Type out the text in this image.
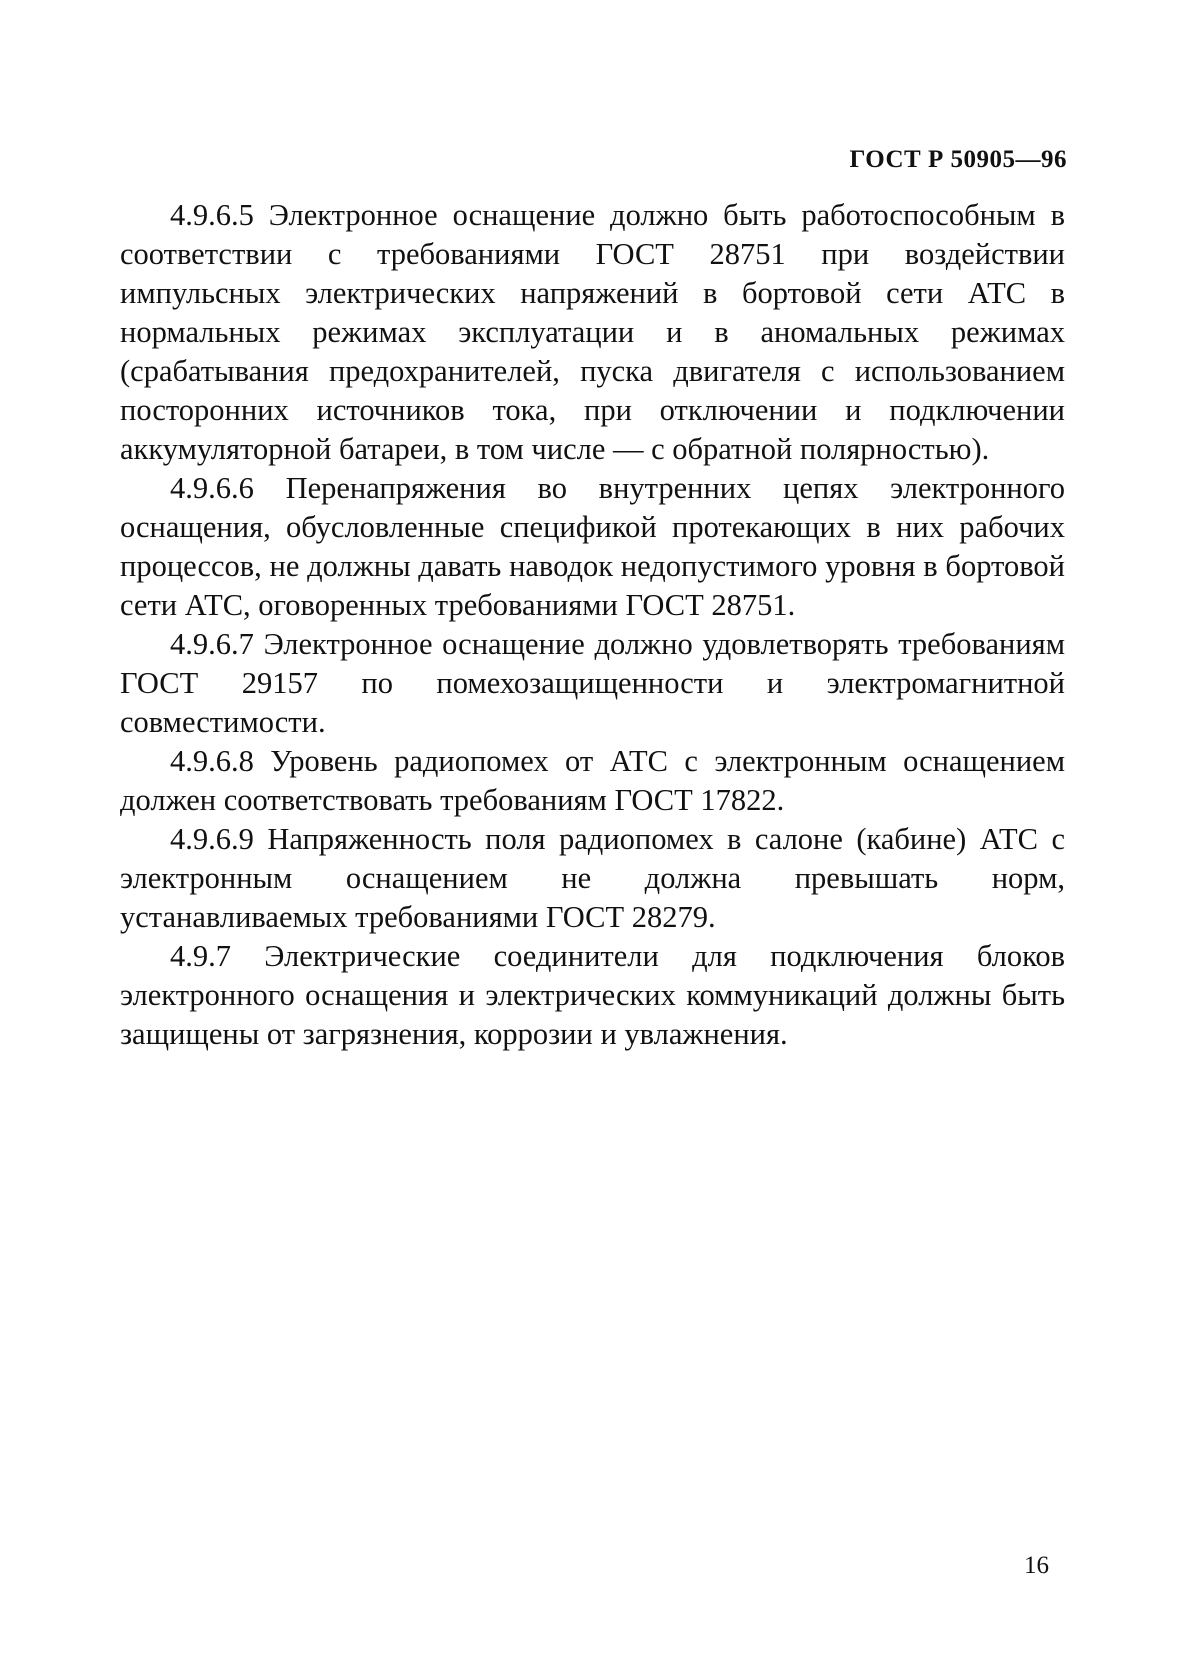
ГОСТ Р 50905—96

4.9.6.5 Электронное оснащение должно быть работоспособным в соответствии с требованиями ГОСТ 28751 при воздействии импульсных электрических напряжений в бортовой сети АТС в нормальных режимах эксплуатации и в аномальных режимах (срабатывания предохранителей, пуска двигателя с использованием посторонних источников тока, при отключении и подключении аккумуляторной батареи, в том числе — с обратной полярностью).

4.9.6.6 Перенапряжения во внутренних цепях электронного оснащения, обусловленные спецификой протекающих в них рабочих процессов, не должны давать наводок недопустимого уровня в бортовой сети АТС, оговоренных требованиями ГОСТ 28751.

4.9.6.7 Электронное оснащение должно удовлетворять требованиям ГОСТ 29157 по помехозащищенности и электромагнитной совместимости.

4.9.6.8 Уровень радиопомех от АТС с электронным оснащением должен соответствовать требованиям ГОСТ 17822.

4.9.6.9 Напряженность поля радиопомех в салоне (кабине) АТС с электронным оснащением не должна превышать норм, устанавливаемых требованиями ГОСТ 28279.

4.9.7 Электрические соединители для подключения блоков электронного оснащения и электрических коммуникаций должны быть защищены от загрязнения, коррозии и увлажнения.

16
